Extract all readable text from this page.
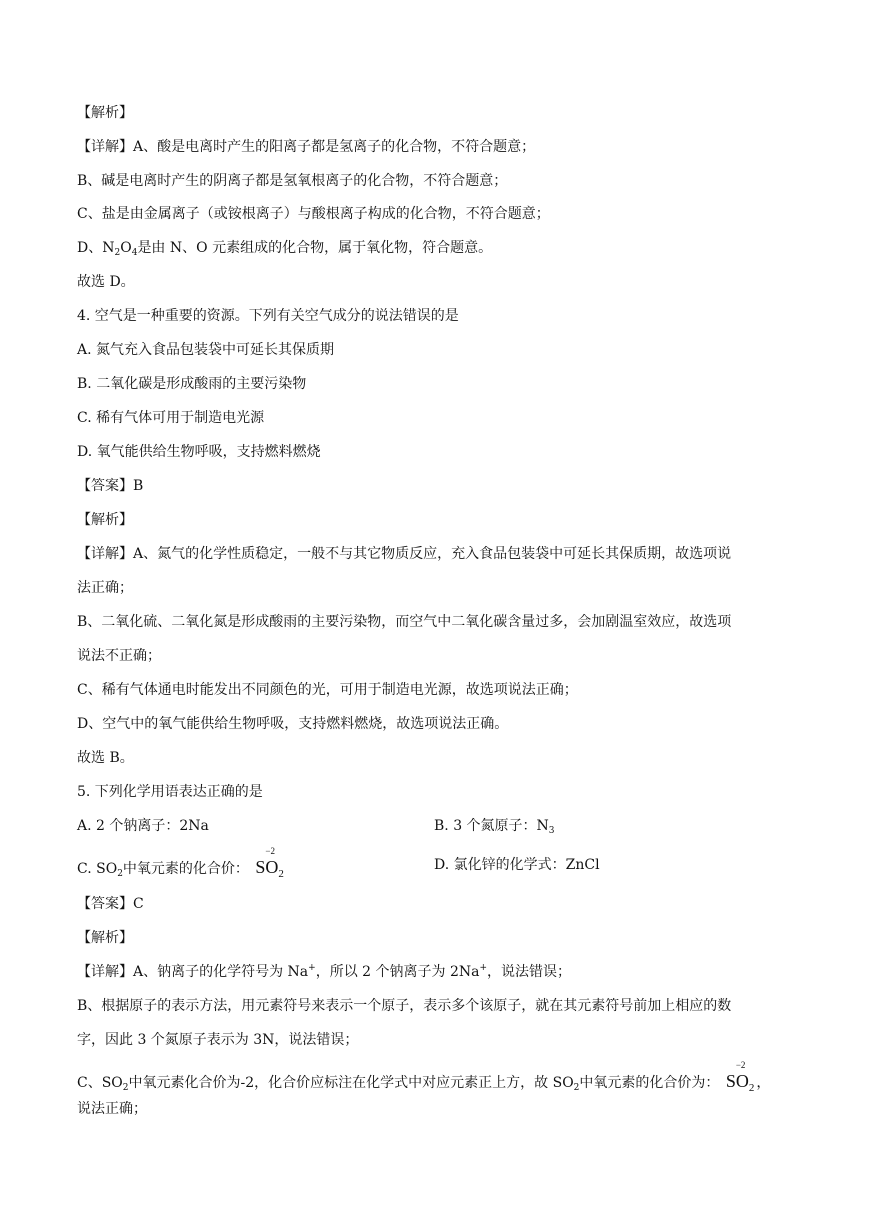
【解析】
【详解】A、酸是电离时产生的阳离子都是氢离子的化合物，不符合题意；
B、碱是电离时产生的阴离子都是氢氧根离子的化合物，不符合题意；
C、盐是由金属离子（或铵根离子）与酸根离子构成的化合物，不符合题意；
D、$N_2O_4$是由 N、O 元素组成的化合物，属于氧化物，符合题意。
故选 D。
4. 空气是一种重要的资源。下列有关空气成分的说法错误的是
A. 氮气充入食品包装袋中可延长其保质期
B. 二氧化碳是形成酸雨的主要污染物
C. 稀有气体可用于制造电光源
D. 氧气能供给生物呼吸，支持燃料燃烧
【答案】B
【解析】
【详解】A、氮气的化学性质稳定，一般不与其它物质反应，充入食品包装袋中可延长其保质期，故选项说
法正确；
B、二氧化硫、二氧化氮是形成酸雨的主要污染物，而空气中二氧化碳含量过多，会加剧温室效应，故选项
说法不正确；
C、稀有气体通电时能发出不同颜色的光，可用于制造电光源，故选项说法正确；
D、空气中的氧气能供给生物呼吸，支持燃料燃烧，故选项说法正确。
故选 B。
5. 下列化学用语表达正确的是
A. 2 个钠离子：2Na	B. 3 个氮原子：$N_3$
C. $SO_2$中氧元素的化合价：
−2
$SO_2$
D. 氯化锌的化学式：ZnCl
【答案】C
【解析】
【详解】A、钠离子的化学符号为 Na+，所以 2 个钠离子为 2Na+，说法错误；
B、根据原子的表示方法，用元素符号来表示一个原子，表示多个该原子，就在其元素符号前加上相应的数
字，因此 3 个氮原子表示为 3N，说法错误；
C、$SO_2$中氧元素化合价为-2，化合价应标注在化学式中对应元素正上方，故 $SO_2$中氧元素的化合价为：
−2
$SO_2$ ，
说法正确；
